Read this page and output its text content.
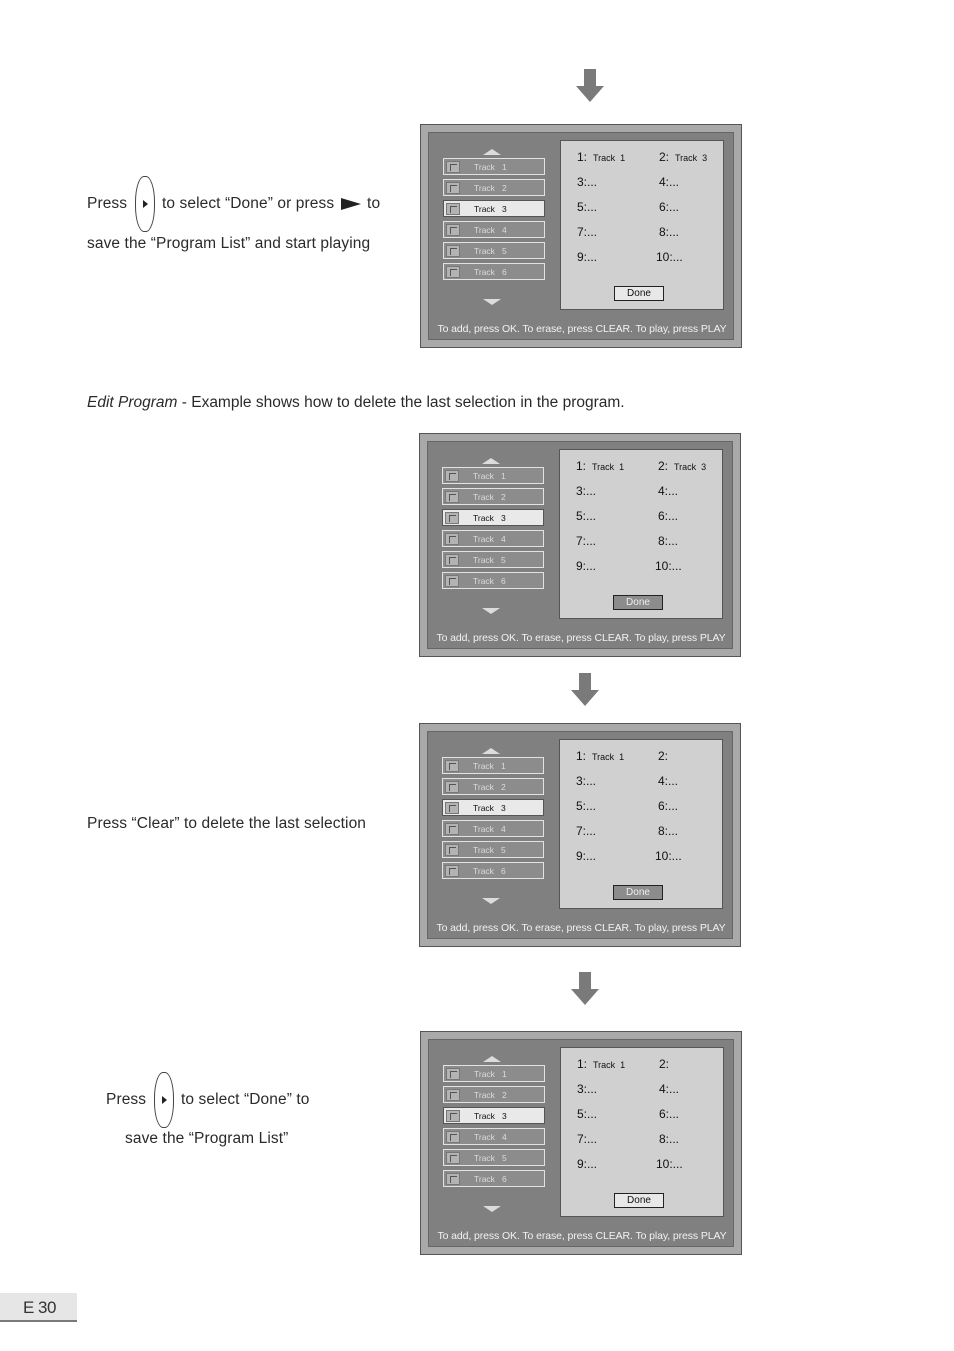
Press to select “Done” or press to
save the “Program List” and start playing
Edit Program - Example shows how to delete the last selection in the program.
Press “Clear” to delete the last selection
Press to select “Done” to
save the “Program List”
Track   1
Track   2
Track   3
Track   4
Track   5
Track   6
1: Track  1	2: Track  3
3:...	4:...
5:...	6:...
7:...	8:...
9:...	10:...
Done
To add, press OK. To erase, press CLEAR. To play, press PLAY
Track   1
Track   2
Track   3
Track   4
Track   5
Track   6
1: Track  1	2: Track  3
3:...	4:...
5:...	6:...
7:...	8:...
9:...	10:...
Done
To add, press OK. To erase, press CLEAR. To play, press PLAY
Track   1
Track   2
Track   3
Track   4
Track   5
Track   6
1: Track  1	2:
3:...	4:...
5:...	6:...
7:...	8:...
9:...	10:...
Done
To add, press OK. To erase, press CLEAR. To play, press PLAY
Track   1
Track   2
Track   3
Track   4
Track   5
Track   6
1: Track  1	2:
3:...	4:...
5:...	6:...
7:...	8:...
9:...	10:...
Done
To add, press OK. To erase, press CLEAR. To play, press PLAY
E 30
